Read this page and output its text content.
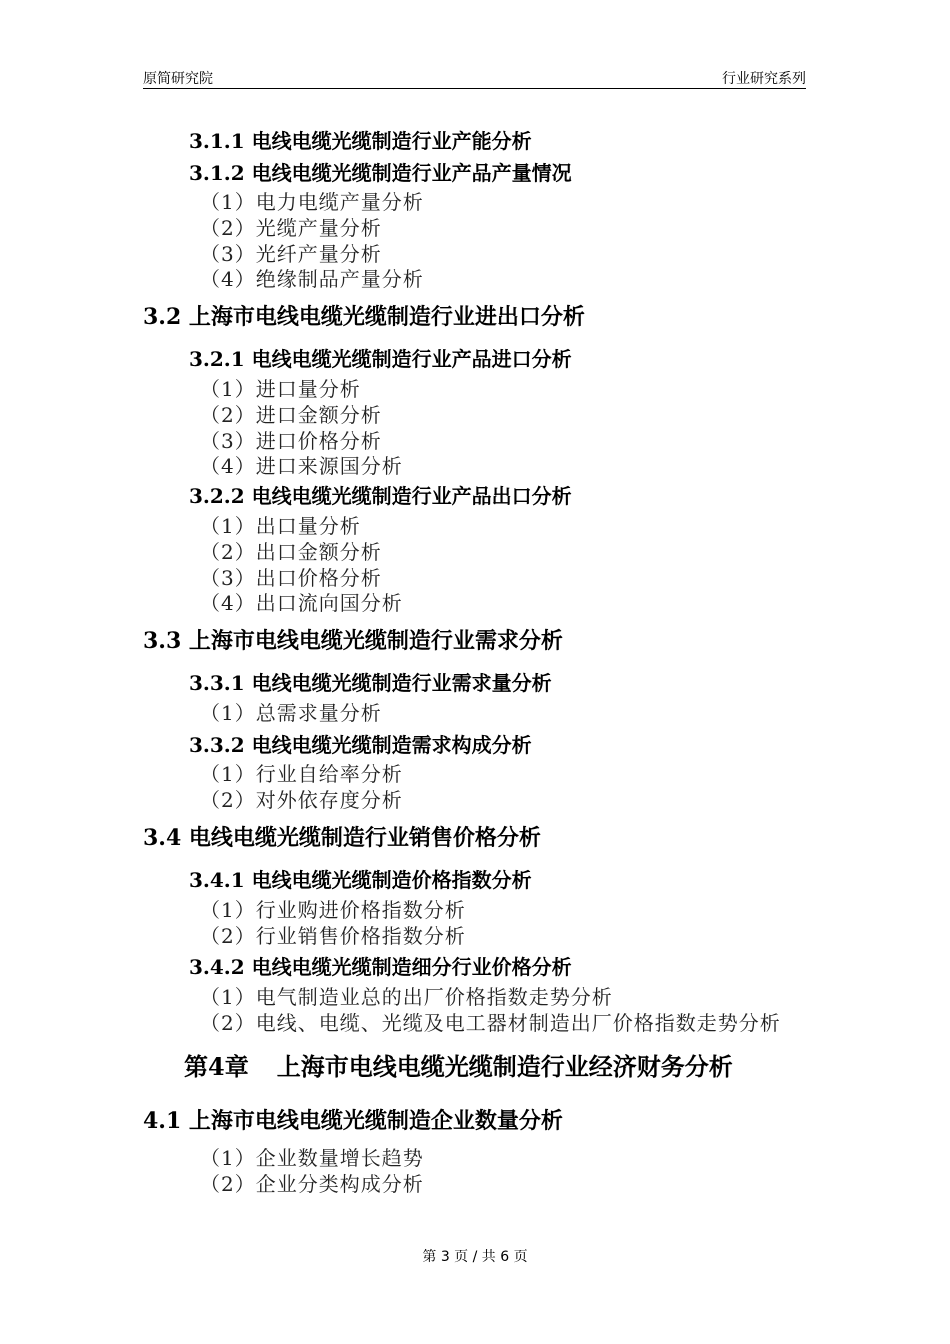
原简研究院	行业研究系列
3.1.1 电线电缆光缆制造行业产能分析
3.1.2 电线电缆光缆制造行业产品产量情况
（1）电力电缆产量分析
（2）光缆产量分析
（3）光纤产量分析
（4）绝缘制品产量分析
3.2 上海市电线电缆光缆制造行业进出口分析
3.2.1 电线电缆光缆制造行业产品进口分析
（1）进口量分析
（2）进口金额分析
（3）进口价格分析
（4）进口来源国分析
3.2.2 电线电缆光缆制造行业产品出口分析
（1）出口量分析
（2）出口金额分析
（3）出口价格分析
（4）出口流向国分析
3.3 上海市电线电缆光缆制造行业需求分析
3.3.1 电线电缆光缆制造行业需求量分析
（1）总需求量分析
3.3.2 电线电缆光缆制造需求构成分析
（1）行业自给率分析
（2）对外依存度分析
3.4 电线电缆光缆制造行业销售价格分析
3.4.1 电线电缆光缆制造价格指数分析
（1）行业购进价格指数分析
（2）行业销售价格指数分析
3.4.2 电线电缆光缆制造细分行业价格分析
（1）电气制造业总的出厂价格指数走势分析
（2）电线、电缆、光缆及电工器材制造出厂价格指数走势分析
第4章 上海市电线电缆光缆制造行业经济财务分析
4.1 上海市电线电缆光缆制造企业数量分析
（1）企业数量增长趋势
（2）企业分类构成分析
第 3 页 / 共 6 页
